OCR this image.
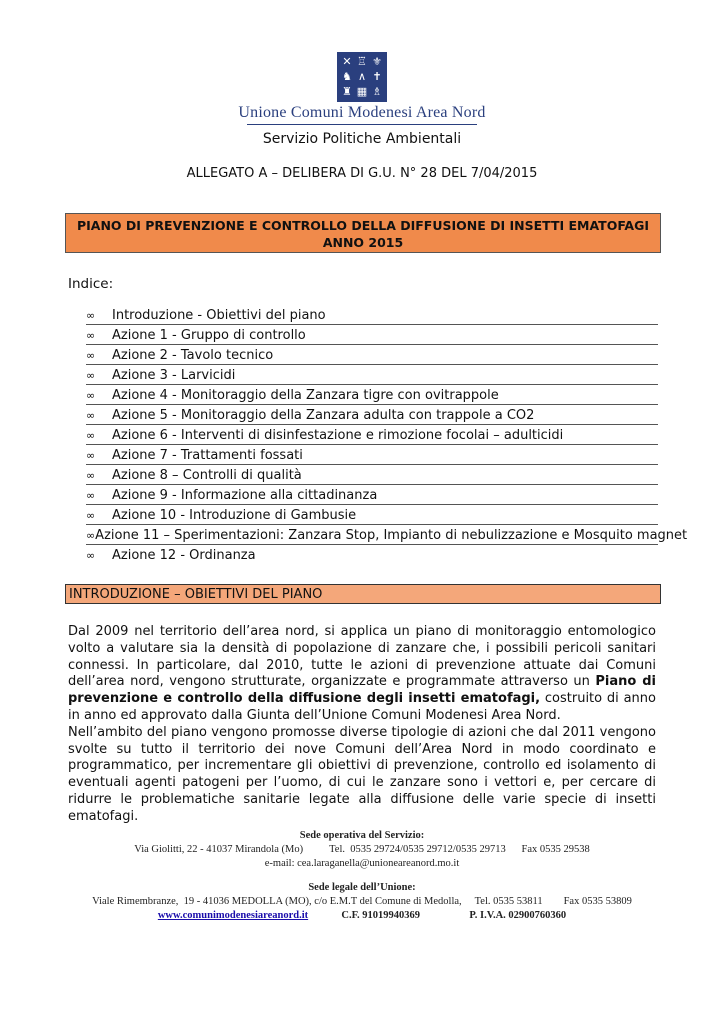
✕ ♖ ⚜
♞ ∧ ✝
♜ ▦ ♗
Unione Comuni Modenesi Area Nord
Servizio Politiche Ambientali
ALLEGATO A – DELIBERA DI G.U. N° 28 DEL 7/04/2015
PIANO DI PREVENZIONE E CONTROLLO DELLA DIFFUSIONE DI INSETTI EMATOFAGI
ANNO 2015
Indice:
∞	Introduzione - Obiettivi del piano
∞	Azione 1 - Gruppo di controllo
∞	Azione 2 - Tavolo tecnico
∞	Azione 3 - Larvicidi
∞	Azione 4 - Monitoraggio della Zanzara tigre con ovitrappole
∞	Azione 5 - Monitoraggio della Zanzara adulta con trappole a CO2
∞	Azione 6 - Interventi di disinfestazione e rimozione focolai – adulticidi
∞	Azione 7 - Trattamenti fossati
∞	Azione 8 – Controlli di qualità
∞	Azione 9 - Informazione alla cittadinanza
∞	Azione 10 - Introduzione di Gambusie
∞ Azione 11 – Sperimentazioni: Zanzara Stop, Impianto di nebulizzazione e Mosquito magnet
∞	Azione 12 - Ordinanza
INTRODUZIONE – OBIETTIVI DEL PIANO

Dal 2009 nel territorio dell’area nord, si applica un piano di monitoraggio entomologico volto a valutare sia la densità di popolazione di zanzare che, i possibili pericoli sanitari connessi. In particolare, dal 2010, tutte le azioni di prevenzione attuate dai Comuni dell’area nord, vengono strutturate, organizzate e programmate attraverso un Piano di prevenzione e controllo della diffusione degli insetti ematofagi, costruito di anno in anno ed approvato dalla Giunta dell’Unione Comuni Modenesi Area Nord.

Nell’ambito del piano vengono promosse diverse tipologie di azioni che dal 2011 vengono svolte su tutto il territorio dei nove Comuni dell’Area Nord in modo coordinato e programmatico, per incrementare gli obiettivi di prevenzione, controllo ed isolamento di eventuali agenti patogeni per l’uomo, di cui le zanzare sono i vettori e, per cercare di ridurre le problematiche sanitarie legate alla diffusione delle varie specie di insetti ematofagi.

Sede operativa del Servizio:
Via Giolitti, 22 - 41037 Mirandola (Mo)          Tel.  0535 29724/0535 29712/0535 29713      Fax 0535 29538
e-mail: cea.laraganella@unioneareanord.mo.it
Sede legale dell’Unione:
Viale Rimembranze,  19 - 41036 MEDOLLA (MO), c/o E.M.T del Comune di Medolla,     Tel. 0535 53811        Fax 0535 53809
www.comunimodenesiareanord.it	C.F. 91019940369	P. I.V.A. 02900760360
